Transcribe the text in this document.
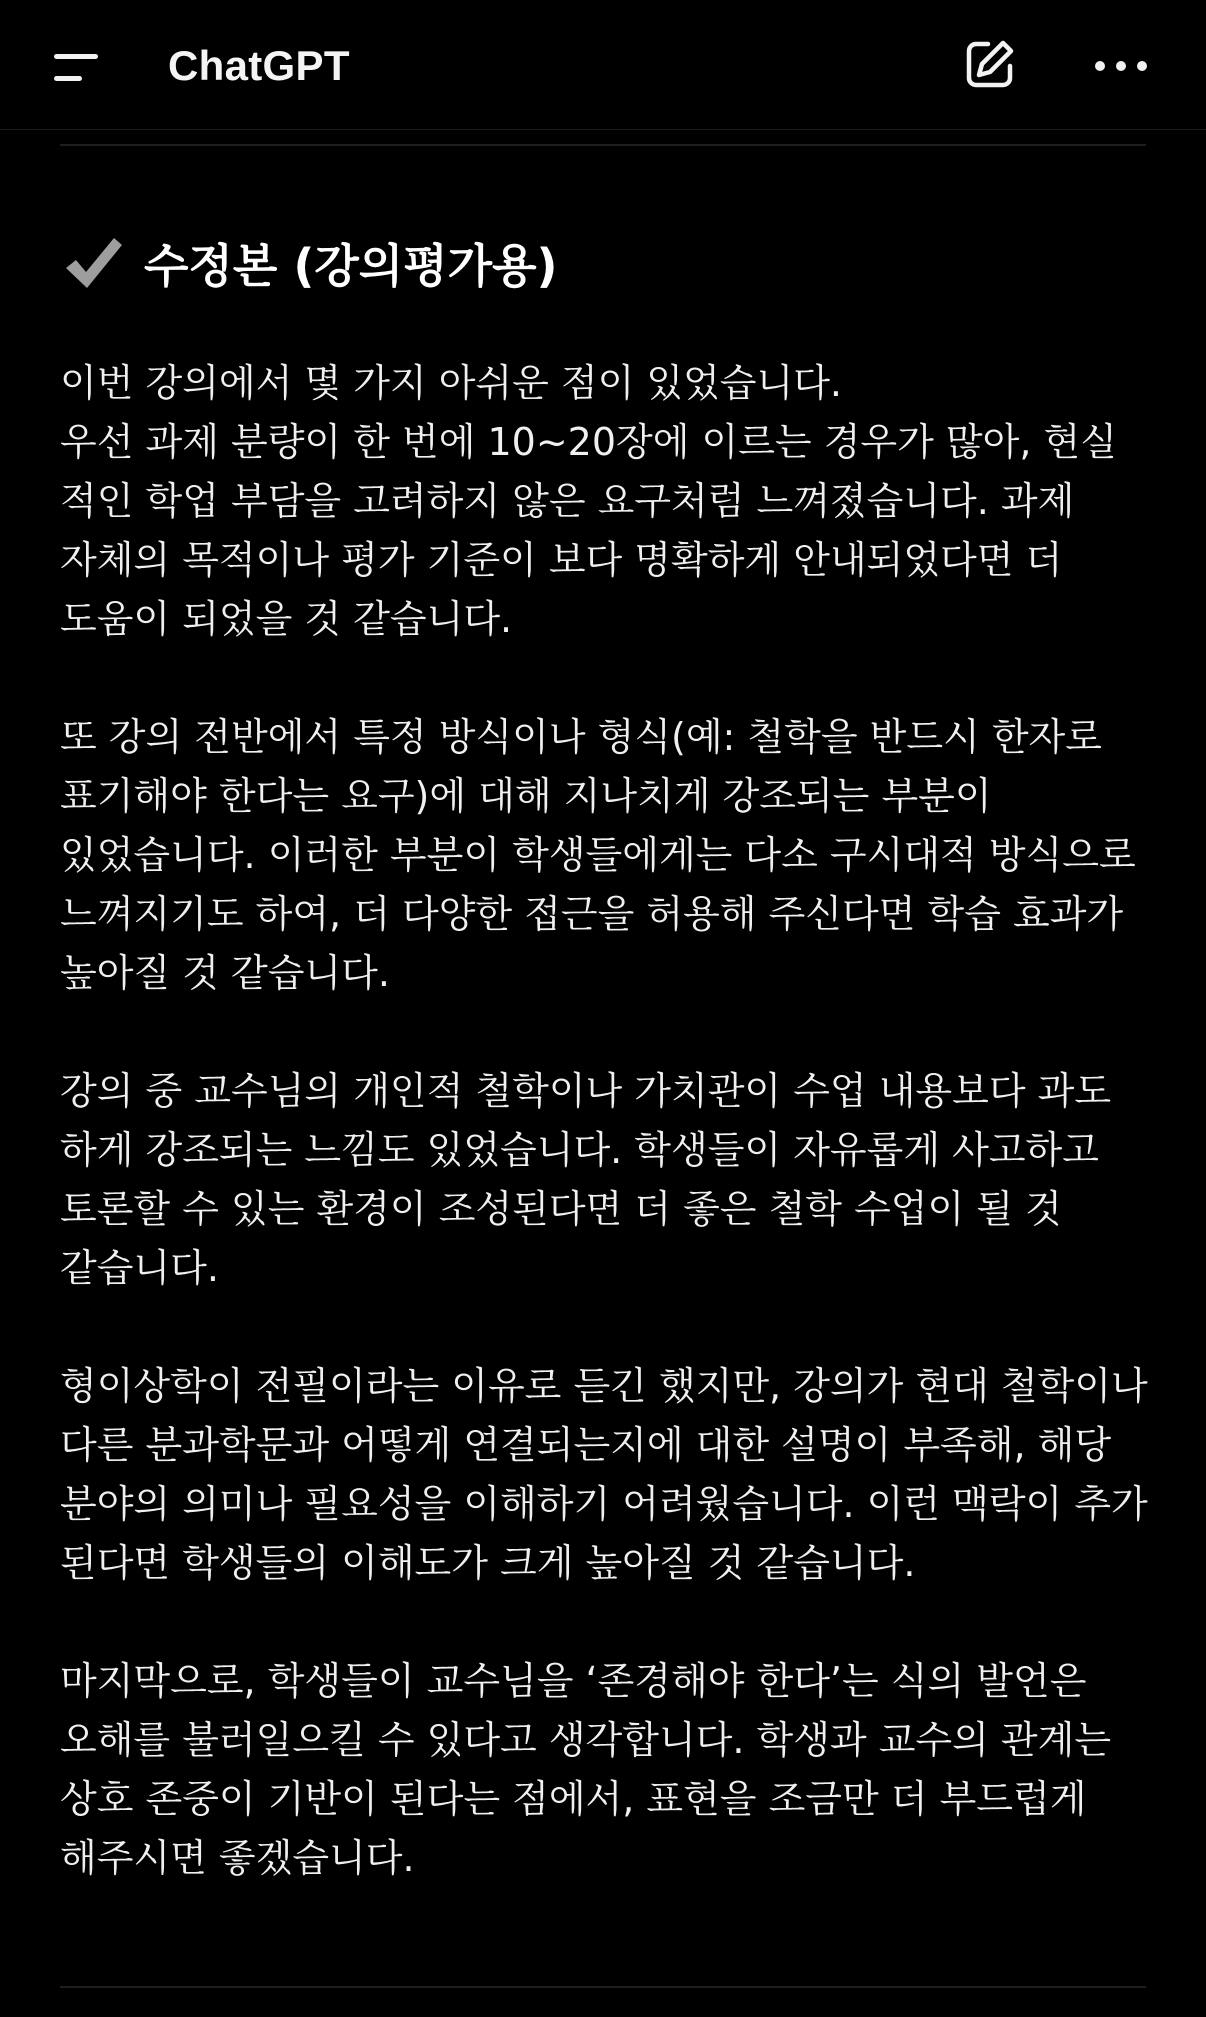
ChatGPT
수정본 (강의평가용)
이번 강의에서 몇 가지 아쉬운 점이 있었습니다.
우선 과제 분량이 한 번에 10~20장에 이르는 경우가 많아, 현실
적인 학업 부담을 고려하지 않은 요구처럼 느껴졌습니다. 과제
자체의 목적이나 평가 기준이 보다 명확하게 안내되었다면 더
도움이 되었을 것 같습니다.
또 강의 전반에서 특정 방식이나 형식(예: 철학을 반드시 한자로
표기해야 한다는 요구)에 대해 지나치게 강조되는 부분이
있었습니다. 이러한 부분이 학생들에게는 다소 구시대적 방식으로
느껴지기도 하여, 더 다양한 접근을 허용해 주신다면 학습 효과가
높아질 것 같습니다.
강의 중 교수님의 개인적 철학이나 가치관이 수업 내용보다 과도
하게 강조되는 느낌도 있었습니다. 학생들이 자유롭게 사고하고
토론할 수 있는 환경이 조성된다면 더 좋은 철학 수업이 될 것
같습니다.
형이상학이 전필이라는 이유로 듣긴 했지만, 강의가 현대 철학이나
다른 분과학문과 어떻게 연결되는지에 대한 설명이 부족해, 해당
분야의 의미나 필요성을 이해하기 어려웠습니다. 이런 맥락이 추가
된다면 학생들의 이해도가 크게 높아질 것 같습니다.
마지막으로, 학생들이 교수님을 ‘존경해야 한다’는 식의 발언은
오해를 불러일으킬 수 있다고 생각합니다. 학생과 교수의 관계는
상호 존중이 기반이 된다는 점에서, 표현을 조금만 더 부드럽게
해주시면 좋겠습니다.
